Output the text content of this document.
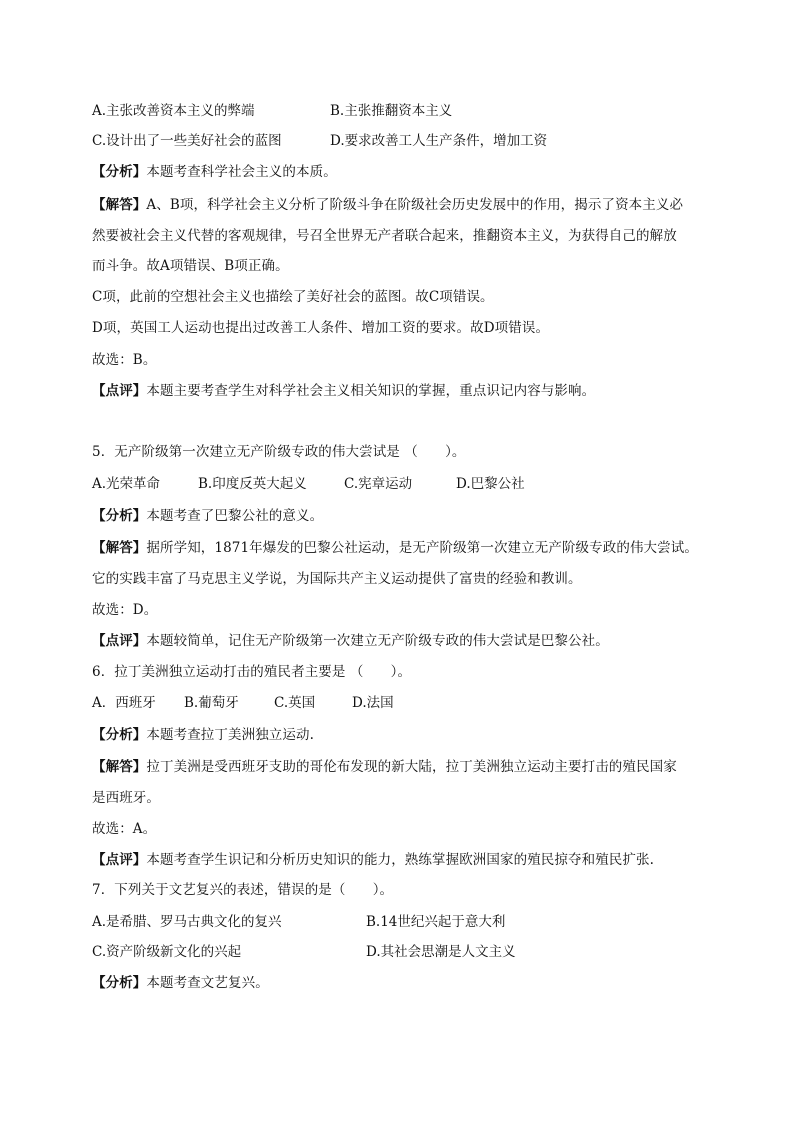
A.主张改善资本主义的弊端	B.主张推翻资本主义

C.设计出了一些美好社会的蓝图	D.要求改善工人生产条件，增加工资

【分析】本题考查科学社会主义的本质。

【解答】A、B项，科学社会主义分析了阶级斗争在阶级社会历史发展中的作用，揭示了资本主义必

然要被社会主义代替的客观规律，号召全世界无产者联合起来，推翻资本主义，为获得自己的解放

而斗争。故A项错误、B项正确。

C项，此前的空想社会主义也描绘了美好社会的蓝图。故C项错误。

D项，英国工人运动也提出过改善工人条件、增加工资的要求。故D项错误。

故选：B。

【点评】本题主要考查学生对科学社会主义相关知识的掌握，重点识记内容与影响。

5．无产阶级第一次建立无产阶级专政的伟大尝试是 （　　）。

A.光荣革命	B.印度反英大起义	C.宪章运动	D.巴黎公社

【分析】本题考查了巴黎公社的意义。

【解答】据所学知，1871年爆发的巴黎公社运动，是无产阶级第一次建立无产阶级专政的伟大尝试。

它的实践丰富了马克思主义学说，为国际共产主义运动提供了富贵的经验和教训。

故选：D。

【点评】本题较简单，记住无产阶级第一次建立无产阶级专政的伟大尝试是巴黎公社。

6．拉丁美洲独立运动打击的殖民者主要是 （　　）。

A．西班牙 B.葡萄牙	C.英国	D.法国

【分析】本题考查拉丁美洲独立运动.

【解答】拉丁美洲是受西班牙支助的哥伦布发现的新大陆，拉丁美洲独立运动主要打击的殖民国家

是西班牙。

故选：A。

【点评】本题考查学生识记和分析历史知识的能力，熟练掌握欧洲国家的殖民掠夺和殖民扩张.

7．下列关于文艺复兴的表述，错误的是（　　）。

A.是希腊、罗马古典文化的复兴	B.14世纪兴起于意大利

C.资产阶级新文化的兴起	D.其社会思潮是人文主义

【分析】本题考查文艺复兴。
